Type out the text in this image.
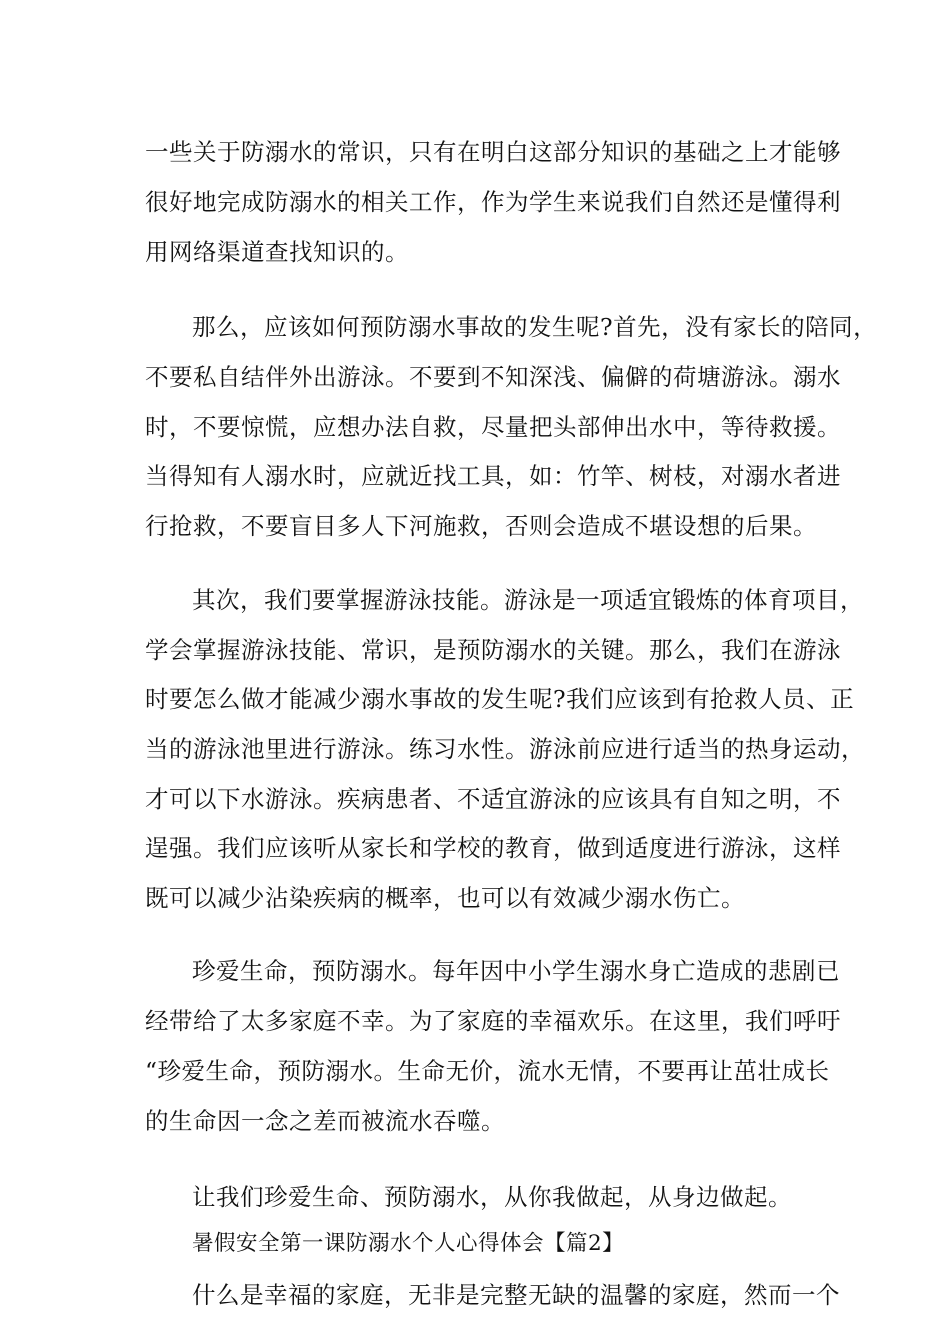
一些关于防溺水的常识，只有在明白这部分知识的基础之上才能够
很好地完成防溺水的相关工作，作为学生来说我们自然还是懂得利
用网络渠道查找知识的。
那么，应该如何预防溺水事故的发生呢?首先，没有家长的陪同，
不要私自结伴外出游泳。不要到不知深浅、偏僻的荷塘游泳。溺水
时，不要惊慌，应想办法自救，尽量把头部伸出水中，等待救援。
当得知有人溺水时，应就近找工具，如：竹竿、树枝，对溺水者进
行抢救，不要盲目多人下河施救，否则会造成不堪设想的后果。
其次，我们要掌握游泳技能。游泳是一项适宜锻炼的体育项目，
学会掌握游泳技能、常识，是预防溺水的关键。那么，我们在游泳
时要怎么做才能减少溺水事故的发生呢?我们应该到有抢救人员、正
当的游泳池里进行游泳。练习水性。游泳前应进行适当的热身运动，
才可以下水游泳。疾病患者、不适宜游泳的应该具有自知之明，不
逞强。我们应该听从家长和学校的教育，做到适度进行游泳，这样
既可以减少沾染疾病的概率，也可以有效减少溺水伤亡。
珍爱生命，预防溺水。每年因中小学生溺水身亡造成的悲剧已
经带给了太多家庭不幸。为了家庭的幸福欢乐。在这里，我们呼吁
“珍爱生命，预防溺水。生命无价，流水无情，不要再让茁壮成长
的生命因一念之差而被流水吞噬。
让我们珍爱生命、预防溺水，从你我做起，从身边做起。
暑假安全第一课防溺水个人心得体会【篇2】
什么是幸福的家庭，无非是完整无缺的温馨的家庭，然而一个
